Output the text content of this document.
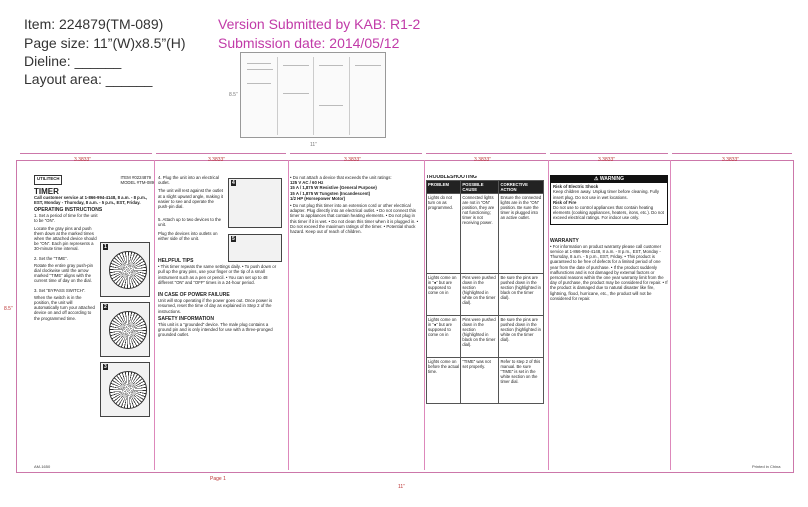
Item: 224879(TM-089)
Page size: 11”(W)x8.5”(H)
Dieline: ______
Layout area: ______
Version Submitted by KAB: R1-2
Submission date: 2014/05/12
8.5”
11”
3.3833”	3.3833”	3.3833”	3.3833”	3.3833”	3.3833”
8.5”
11”
Page 1
UTILITECH	ITEM #0224879
MODEL #TM-089
TIMER
Call customer service at 1-866-994-4148, 8 a.m. - 8 p.m., EST, Monday - Thursday, 8 a.m. - 5 p.m., EST, Friday.
OPERATING INSTRUCTIONS
1. Set a period of time for the unit to be “ON”.
Locate the gray pins and push them down at the marked times when the attached device should be “ON”. Each pin represents a 30-minute time interval.
2. Set the “TIME”.
Rotate the entire gray push-pin dial clockwise until the arrow marked “TIME” aligns with the current time of day on the dial.
3. Set “BYPASS SWITCH”.
When the switch is in the position, the unit will automatically turn your attached device on and off according to the programmed time.
1
2
3
AM-1650
4. Plug the unit into an electrical outlet.
The unit will rest against the outlet at a slight upward angle, making it easier to see and operate the push-pin dial.
5. Attach up to two devices to the unit.
Plug the devices into outlets on either side of the unit.
HELPFUL TIPS
• This timer repeats the same settings daily. • To push down or pull up the gray pins, use your finger or the tip of a small instrument such as a pen or pencil. • You can set up to 48 different “ON” and “OFF” times in a 24-hour period.
IN CASE OF POWER FAILURE
Unit will stop operating if the power goes out. Once power is resumed, reset the time of day as explained in Step 2 of the instructions.
SAFETY INFORMATION
This unit is a “grounded” device. The male plug contains a ground pin and is only intended for use with a three-pronged grounded outlet.
4
5
• Do not attach a device that exceeds the unit ratings:
125 V AC / 60 Hz
15 A / 1,875 W Resistive (General Purpose)
15 A / 1,875 W Tungsten (Incandescent)
1/2 HP (Horsepower Motor)
• Do not plug this timer into an extension cord or other electrical adapter. Plug directly into an electrical outlet. • Do not connect this timer to appliances that contain heating elements. • Do not plug in this timer if it is wet. • Do not clean this timer when it is plugged in. • Do not exceed the maximum ratings of the timer. • Potential shock hazard. Keep out of reach of children.
TROUBLESHOOTING
PROBLEM	POSSIBLE CAUSE	CORRECTIVE ACTION
Lights do not turn on as programmed.	Connected lights are not in “ON” position, they are not functioning; timer is not receiving power.	Ensure the connected lights are in the “ON” position. Be sure the timer is plugged into an active outlet.
Lights come on in “●” but are supposed to come on in	Pins were pushed down in the section (highlighted in white on the timer dial).	Be sure the pins are pushed down in the section (highlighted in black on the timer dial).
Lights come on in “●” but are supposed to come on in	Pins were pushed down in the section (highlighted in black on the timer dial).	Be sure the pins are pushed down in the section (highlighted in white on the timer dial).
Lights come on before the actual time.	“TIME” was not set properly.	Refer to step 2 of this manual. Be sure “TIME” is set in the white section on the timer dial.
⚠ WARNING
Risk of Electric Shock
Keep children away. Unplug timer before cleaning. Fully insert plug. Do not use in wet locations.
Risk of Fire
Do not use to control appliances that contain heating elements (cooking appliances, heaters, irons, etc.). Do not exceed electrical ratings. For indoor use only.
WARRANTY
• For information on product warranty please call customer service at 1-866-994-4148, 8 a.m. - 8 p.m., EST, Monday - Thursday, 8 a.m. - 5 p.m., EST, Friday. • This product is guaranteed to be free of defects for a limited period of one year from the date of purchase. • If the product suddenly malfunctions and is not damaged by external factors or personal reasons within the one year warranty limit from the day of purchase, the product may be considered for repair. • If the product is damaged due to natural disaster like fire, lightning, flood, hurricane, etc., the product will not be considered for repair.
Printed in China
